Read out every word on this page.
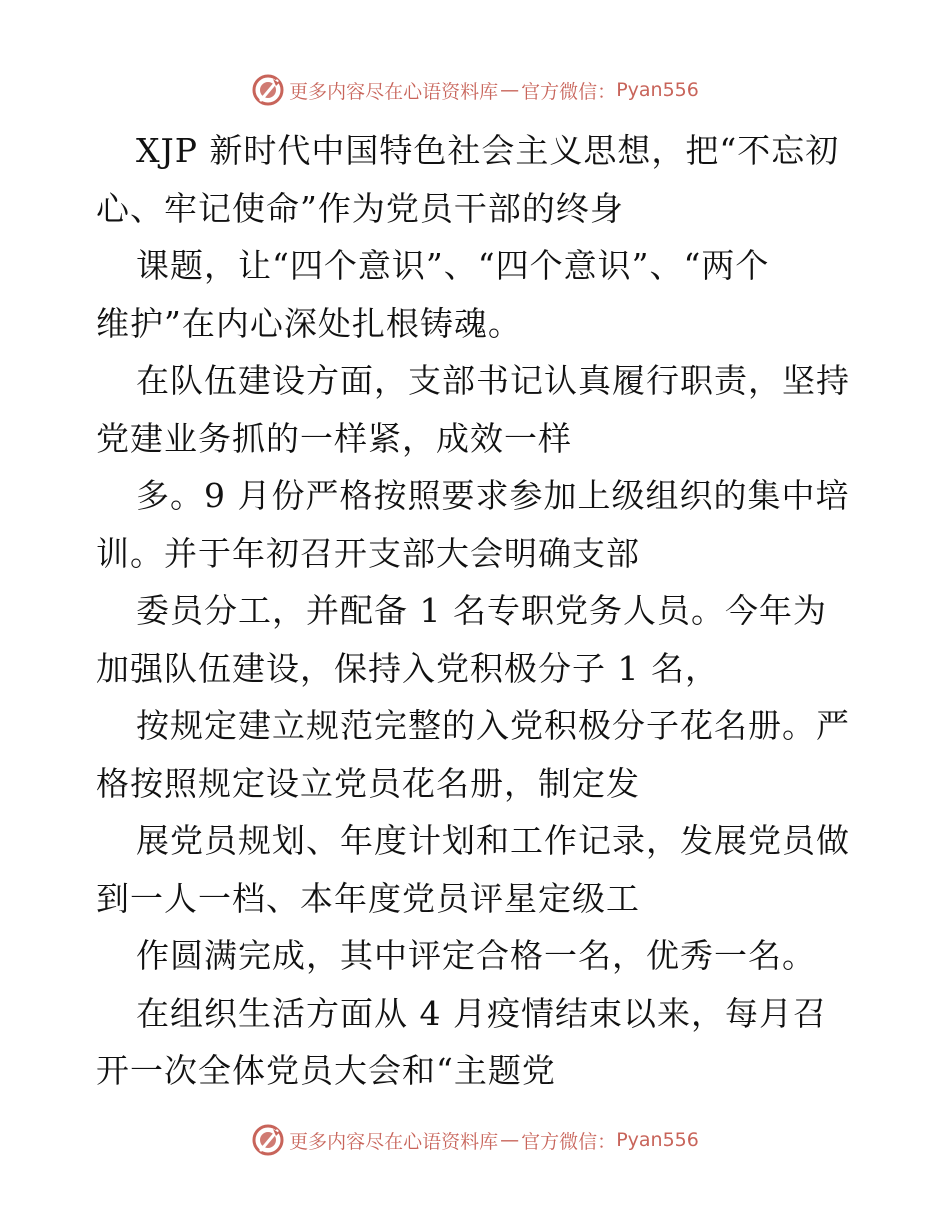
更多内容尽在心语资料库 — 官方微信： Pyan556
XJP 新时代中国特色社会主义思想，把“不忘初
心、牢记使命”作为党员干部的终身
课题，让“四个意识”、“四个意识”、“两个
维护”在内心深处扎根铸魂。
在队伍建设方面，支部书记认真履行职责，坚持
党建业务抓的一样紧，成效一样
多。9 月份严格按照要求参加上级组织的集中培
训。并于年初召开支部大会明确支部
委员分工，并配备 1 名专职党务人员。今年为
加强队伍建设，保持入党积极分子 1 名，
按规定建立规范完整的入党积极分子花名册。严
格按照规定设立党员花名册，制定发
展党员规划、年度计划和工作记录，发展党员做
到一人一档、本年度党员评星定级工
作圆满完成，其中评定合格一名，优秀一名。
在组织生活方面从 4 月疫情结束以来，每月召
开一次全体党员大会和“主题党
更多内容尽在心语资料库 — 官方微信： Pyan556
